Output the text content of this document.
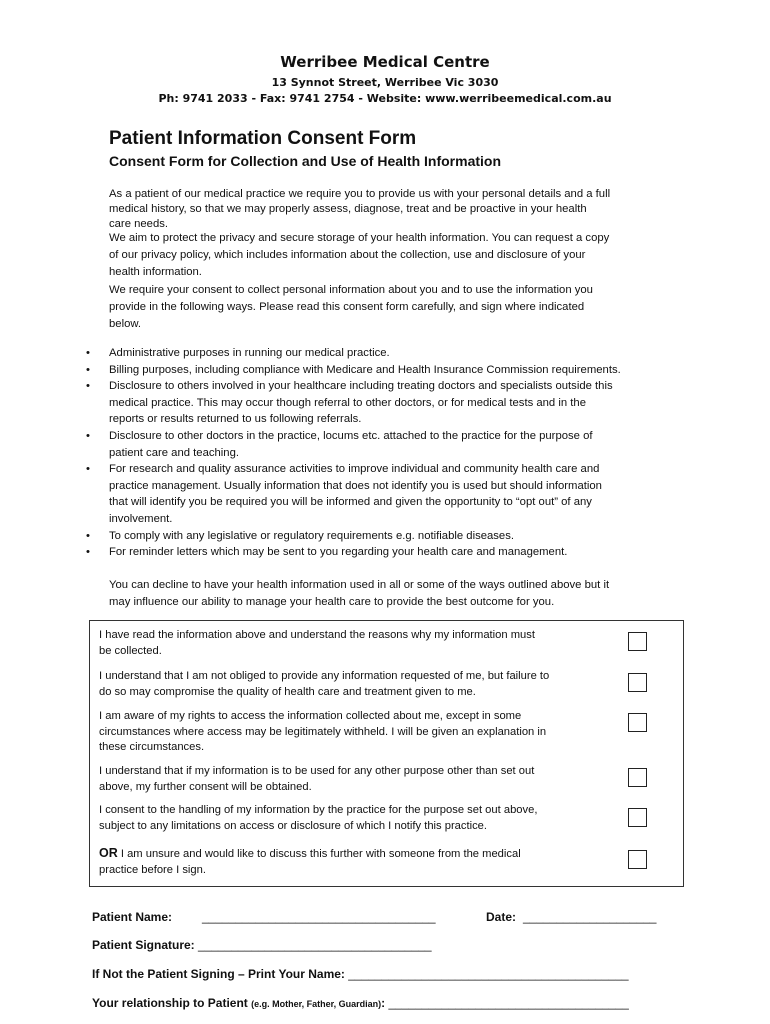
Werribee Medical Centre
13 Synnot Street, Werribee Vic 3030
Ph: 9741 2033 - Fax: 9741 2754 - Website: www.werribeemedical.com.au
Patient Information Consent Form
Consent Form for Collection and Use of Health Information
As a patient of our medical practice we require you to provide us with your personal details and a full
medical history, so that we may properly assess, diagnose, treat and be proactive in your health
care needs.
We aim to protect the privacy and secure storage of your health information. You can request a copy
of our privacy policy, which includes information about the collection, use and disclosure of your
health information.
We require your consent to collect personal information about you and to use the information you
provide in the following ways. Please read this consent form carefully, and sign where indicated
below.
• Administrative purposes in running our medical practice.
• Billing purposes, including compliance with Medicare and Health Insurance Commission requirements.
• Disclosure to others involved in your healthcare including treating doctors and specialists outside this
medical practice. This may occur though referral to other doctors, or for medical tests and in the
reports or results returned to us following referrals.
• Disclosure to other doctors in the practice, locums etc. attached to the practice for the purpose of
patient care and teaching.
• For research and quality assurance activities to improve individual and community health care and
practice management. Usually information that does not identify you is used but should information
that will identify you be required you will be informed and given the opportunity to “opt out” of any
involvement.
• To comply with any legislative or regulatory requirements e.g. notifiable diseases.
• For reminder letters which may be sent to you regarding your health care and management.
You can decline to have your health information used in all or some of the ways outlined above but it
may influence our ability to manage your health care to provide the best outcome for you.
I have read the information above and understand the reasons why my information must
be collected.
I understand that I am not obliged to provide any information requested of me, but failure to
do so may compromise the quality of health care and treatment given to me.
I am aware of my rights to access the information collected about me, except in some
circumstances where access may be legitimately withheld. I will be given an explanation in
these circumstances.
I understand that if my information is to be used for any other purpose other than set out
above, my further consent will be obtained.
I consent to the handling of my information by the practice for the purpose set out above,
subject to any limitations on access or disclosure of which I notify this practice.
OR I am unsure and would like to discuss this further with someone from the medical
practice before I sign.
Patient Name: ___________________________________	Date: ____________________
Patient Signature: ___________________________________
If Not the Patient Signing – Print Your Name: __________________________________________
Your relationship to Patient (e.g. Mother, Father, Guardian): ____________________________________
